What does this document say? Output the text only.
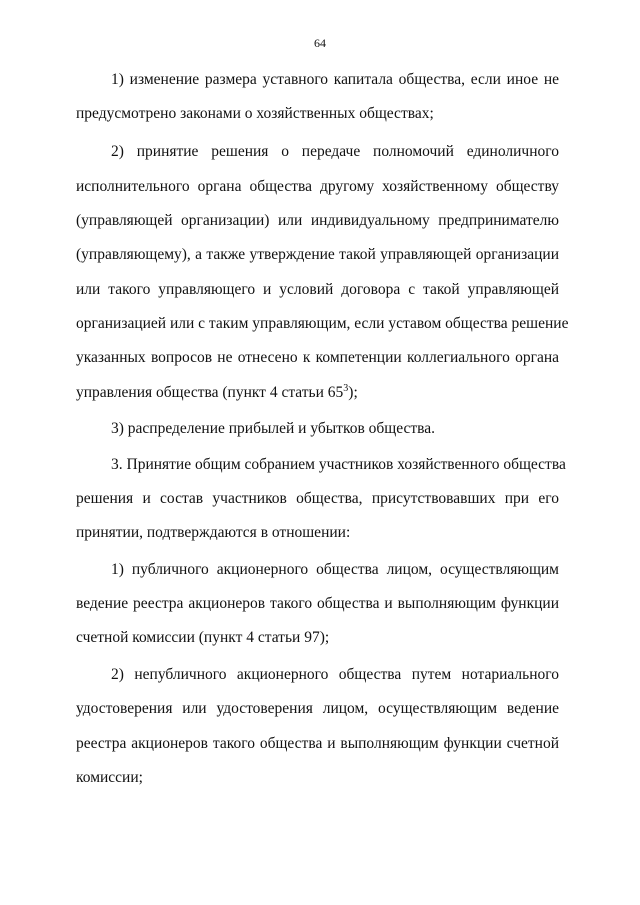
64
1) изменение размера уставного капитала общества, если иное не
предусмотрено законами о хозяйственных обществах;
2) принятие решения о передаче полномочий единоличного
исполнительного органа общества другому хозяйственному обществу
(управляющей организации) или индивидуальному предпринимателю
(управляющему), а также утверждение такой управляющей организации
или такого управляющего и условий договора с такой управляющей
организацией или с таким управляющим, если уставом общества решение
указанных вопросов не отнесено к компетенции коллегиального органа
управления общества (пункт 4 статьи $65^3$);
3) распределение прибылей и убытков общества.
3. Принятие общим собранием участников хозяйственного общества
решения и состав участников общества, присутствовавших при его
принятии, подтверждаются в отношении:
1) публичного акционерного общества лицом, осуществляющим
ведение реестра акционеров такого общества и выполняющим функции
счетной комиссии (пункт 4 статьи 97);
2) непубличного акционерного общества путем нотариального
удостоверения или удостоверения лицом, осуществляющим ведение
реестра акционеров такого общества и выполняющим функции счетной
комиссии;
